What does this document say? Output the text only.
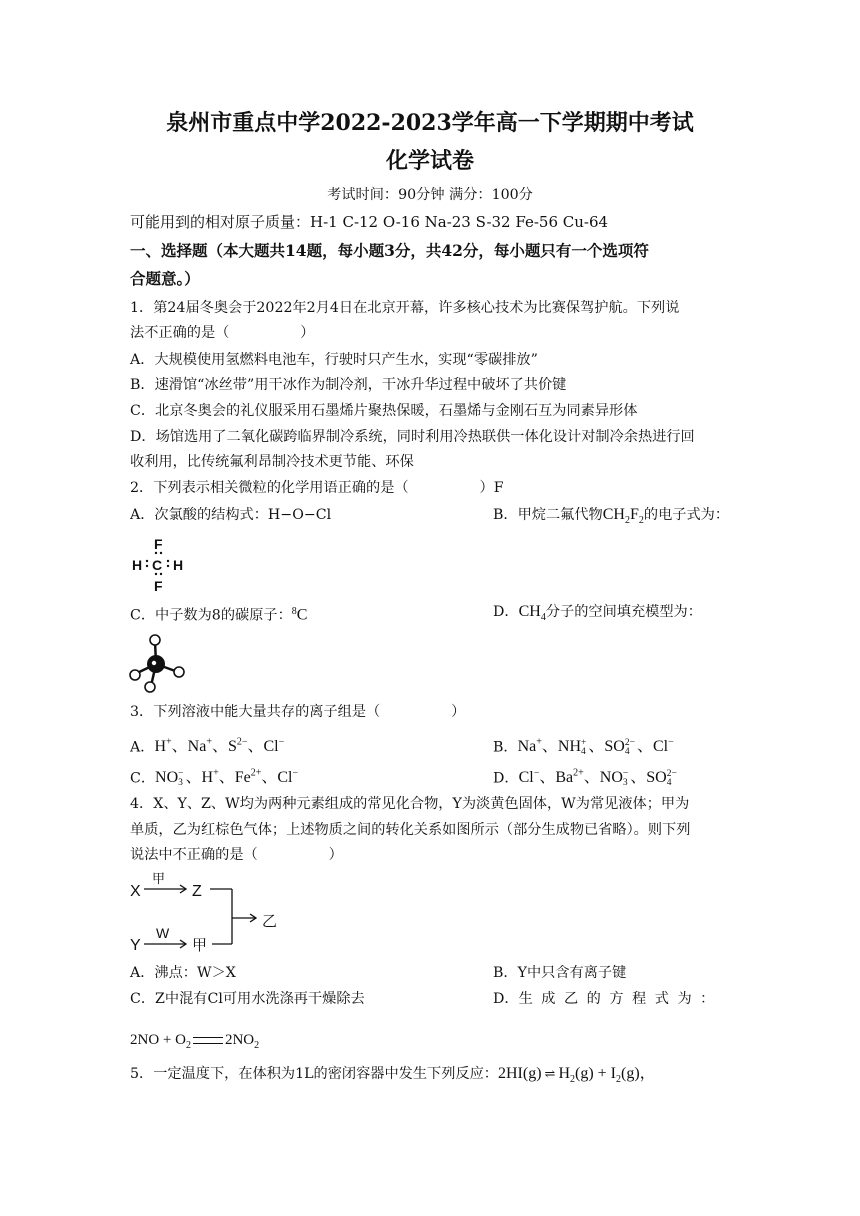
泉州市重点中学2022-2023学年高一下学期期中考试
化学试卷
考试时间：90分钟 满分：100分
可能用到的相对原子质量：H-1 C-12 O-16 Na-23 S-32 Fe-56 Cu-64
一、选择题（本大题共14题，每小题3分，共42分，每小题只有一个选项符
合题意。）
1．第24届冬奥会于2022年2月4日在北京开幕，许多核心技术为比赛保驾护航。下列说
法不正确的是（　　　　　）
A．大规模使用氢燃料电池车，行驶时只产生水，实现“零碳排放”
B．速滑馆“冰丝带”用干冰作为制冷剂，干冰升华过程中破坏了共价键
C．北京冬奥会的礼仪服采用石墨烯片聚热保暖，石墨烯与金刚石互为同素异形体
D．场馆选用了二氧化碳跨临界制冷系统，同时利用冷热联供一体化设计对制冷余热进行回
收利用，比传统氟利昂制冷技术更节能、环保
2．下列表示相关微粒的化学用语正确的是（　　　　　）F
A．次氯酸的结构式：H−O−Cl	B．甲烷二氟代物$CH_2F_2$的电子式为：
F
H C H
F
C．中子数为8的碳原子：$^8$C	D．$CH_4$分子的空间填充模型为：
3．下列溶液中能大量共存的离子组是（　　　　　）
A．H+、Na+、$S^{2-}$、Cl−	B．Na+、NH +
4 、SO 2−
4 、Cl−
C．NO −
3 、H+、$Fe^{2+}$、Cl−	D．Cl−、$Ba^{2+}$、NO −
3 、SO 2−
4
4．X、Y、Z、W均为两种元素组成的常见化合物，Y为淡黄色固体，W为常见液体；甲为
单质，乙为红棕色气体；上述物质之间的转化关系如图所示（部分生成物已省略）。则下列
说法中不正确的是（　　　　　）
X
甲
Z
Y
W
甲
乙
A．沸点：W＞X	B．Y中只含有离子键
C．Z中混有Cl可用水洗涤再干燥除去	D．生 成 乙 的 方 程 式 为 ：
$2NO + O_2$ $2NO_2$
5．一定温度下，在体积为1L的密闭容器中发生下列反应：2HI(g) ⇌ $H_2(g) + I_2(g)$，
